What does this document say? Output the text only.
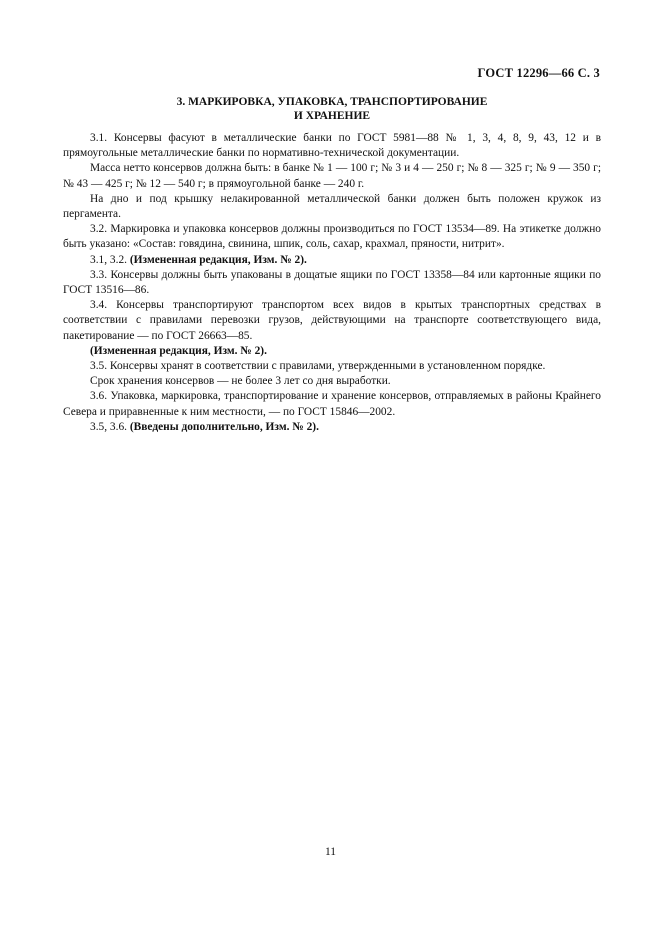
ГОСТ 12296—66 С. 3
3. МАРКИРОВКА, УПАКОВКА, ТРАНСПОРТИРОВАНИЕ
И ХРАНЕНИЕ

3.1. Консервы фасуют в металлические банки по ГОСТ 5981—88 № 1, 3, 4, 8, 9, 43, 12 и в прямоугольные металлические банки по нормативно-технической документации.

Масса нетто консервов должна быть: в банке № 1 — 100 г; № 3 и 4 — 250 г; № 8 — 325 г; № 9 — 350 г; № 43 — 425 г; № 12 — 540 г; в прямоугольной банке — 240 г.

На дно и под крышку нелакированной металлической банки должен быть положен кружок из пергамента.

3.2. Маркировка и упаковка консервов должны производиться по ГОСТ 13534—89. На этикетке должно быть указано: «Состав: говядина, свинина, шпик, соль, сахар, крахмал, пряности, нитрит».

3.1, 3.2. (Измененная редакция, Изм. № 2).

3.3. Консервы должны быть упакованы в дощатые ящики по ГОСТ 13358—84 или картонные ящики по ГОСТ 13516—86.

3.4. Консервы транспортируют транспортом всех видов в крытых транспортных средствах в соответствии с правилами перевозки грузов, действующими на транспорте соответствующего вида, пакетирование — по ГОСТ 26663—85.

(Измененная редакция, Изм. № 2).

3.5. Консервы хранят в соответствии с правилами, утвержденными в установленном порядке.

Срок хранения консервов — не более 3 лет со дня выработки.

3.6. Упаковка, маркировка, транспортирование и хранение консервов, отправляемых в районы Крайнего Севера и приравненные к ним местности, — по ГОСТ 15846—2002.

3.5, 3.6. (Введены дополнительно, Изм. № 2).

11
